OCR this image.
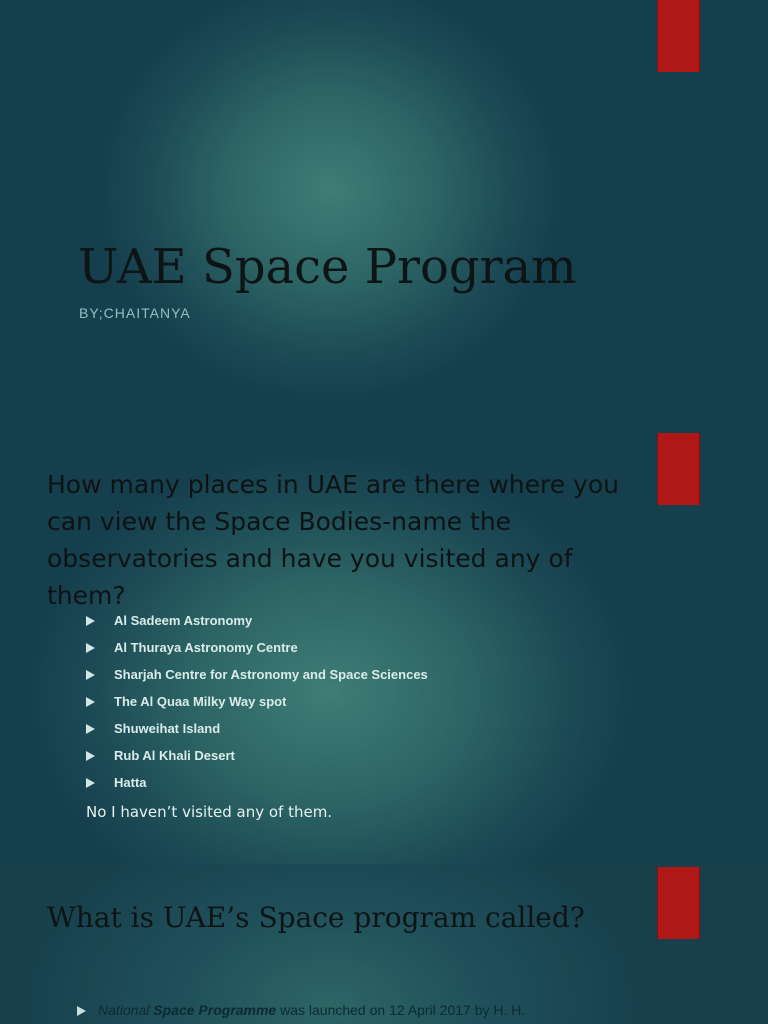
UAE Space Program
BY;CHAITANYA
How many places in UAE are there where you can view the Space Bodies-name the observatories and have you visited any of them?
Al Sadeem Astronomy
Al Thuraya Astronomy Centre
Sharjah Centre for Astronomy and Space Sciences
The Al Quaa Milky Way spot
Shuweihat Island
Rub Al Khali Desert
Hatta
No I haven’t visited any of them.
What is UAE’s Space program called?
National Space Programme was launched on 12 April 2017 by H. H.
